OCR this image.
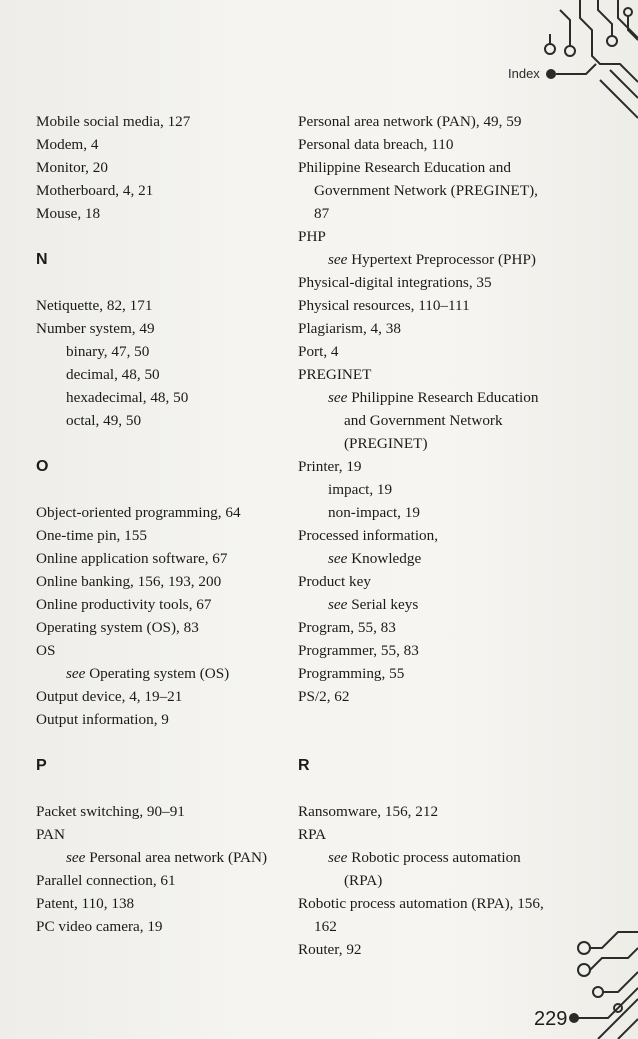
Index

Mobile social media, 127

Modem, 4

Monitor, 20

Motherboard, 4, 21

Mouse, 18

N

Netiquette, 82, 171

Number system, 49

binary, 47, 50

decimal, 48, 50

hexadecimal, 48, 50

octal, 49, 50

O

Object-oriented programming, 64

One-time pin, 155

Online application software, 67

Online banking, 156, 193, 200

Online productivity tools, 67

Operating system (OS), 83

OS

see Operating system (OS)

Output device, 4, 19–21

Output information, 9

P

Packet switching, 90–91

PAN

see Personal area network (PAN)

Parallel connection, 61

Patent, 110, 138

PC video camera, 19

Personal area network (PAN), 49, 59

Personal data breach, 110

Philippine Research Education and Government Network (PREGINET), 87

PHP

see Hypertext Preprocessor (PHP)

Physical-digital integrations, 35

Physical resources, 110–111

Plagiarism, 4, 38

Port, 4

PREGINET

see Philippine Research Education and Government Network (PREGINET)

Printer, 19

impact, 19

non-impact, 19

Processed information,

see Knowledge

Product key

see Serial keys

Program, 55, 83

Programmer, 55, 83

Programming, 55

PS/2, 62

R

Ransomware, 156, 212

RPA

see Robotic process automation (RPA)

Robotic process automation (RPA), 156, 162

Router, 92

229
